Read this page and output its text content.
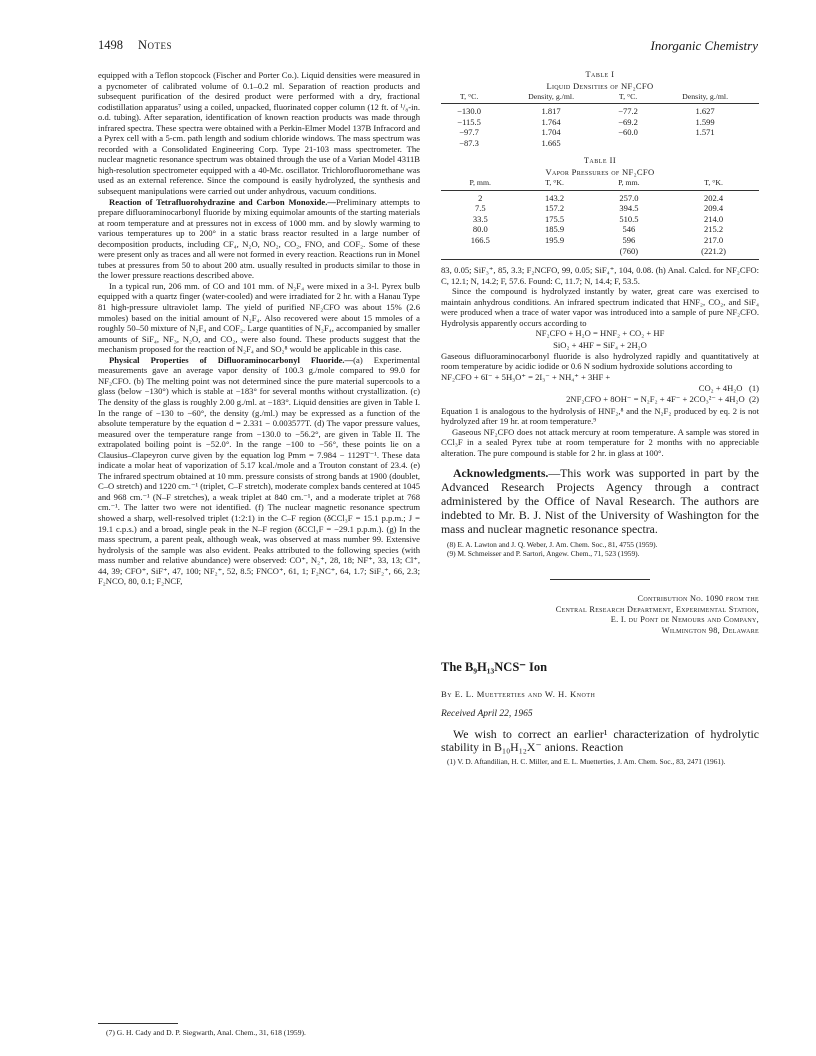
1498 Notes	Inorganic Chemistry

equipped with a Teflon stopcock (Fischer and Porter Co.). Liquid densities were measured in a pycnometer of calibrated volume of 0.1–0.2 ml. Separation of reaction products and subsequent purification of the desired product were performed with a dry, fractional codistillation apparatus⁷ using a coiled, unpacked, fluorinated copper column (12 ft. of ¹/₈-in. o.d. tubing). After separation, identification of known reaction products was made through infrared spectra. These spectra were obtained with a Perkin-Elmer Model 137B Infracord and a Pyrex cell with a 5-cm. path length and sodium chloride windows. The mass spectrum was recorded with a Consolidated Engineering Corp. Type 21-103 mass spectrometer. The nuclear magnetic resonance spectrum was obtained through the use of a Varian Model 4311B high-resolution spectrometer equipped with a 40-Mc. oscillator. Trichlorofluoromethane was used as an external reference. Since the compound is easily hydrolyzed, the synthesis and subsequent manipulations were carried out under anhydrous, vacuum conditions.

Reaction of Tetrafluorohydrazine and Carbon Monoxide.—Preliminary attempts to prepare difluoraminocarbonyl fluoride by mixing equimolar amounts of the starting materials at room temperature and at pressures not in excess of 1000 mm. and by slowly warming to various temperatures up to 200° in a static brass reactor resulted in a large number of decomposition products, including CF₄, N₂O, NO₂, CO₂, FNO, and COF₂. Some of these were present only as traces and all were not formed in every reaction. Reactions run in Monel tubes at pressures from 50 to about 200 atm. usually resulted in products similar to those in the lower pressure reactions described above.

In a typical run, 206 mm. of CO and 101 mm. of N₂F₄ were mixed in a 3-l. Pyrex bulb equipped with a quartz finger (water-cooled) and were irradiated for 2 hr. with a Hanau Type 81 high-pressure ultraviolet lamp. The yield of purified NF₂CFO was about 15% (2.6 mmoles) based on the initial amount of N₂F₄. Also recovered were about 15 mmoles of a roughly 50–50 mixture of N₂F₄ and COF₂. Large quantities of N₂F₄, accompanied by smaller amounts of SiF₄, NF₃, N₂O, and CO₂, were also found. These products suggest that the mechanism proposed for the reaction of N₂F₄ and SO₂⁸ would be applicable in this case.

Physical Properties of Difluoraminocarbonyl Fluoride.—(a) Experimental measurements gave an average vapor density of 100.3 g./mole compared to 99.0 for NF₂CFO. (b) The melting point was not determined since the pure material supercools to a glass (below −130°) which is stable at −183° for several months without crystallization. (c) The density of the glass is roughly 2.00 g./ml. at −183°. Liquid densities are given in Table I. In the range of −130 to −60°, the density (g./ml.) may be expressed as a function of the absolute temperature by the equation d = 2.331 − 0.003577T. (d) The vapor pressure values, measured over the temperature range from −130.0 to −56.2°, are given in Table II. The extrapolated boiling point is −52.0°. In the range −100 to −56°, these points lie on a Clausius–Clapeyron curve given by the equation log Pmm = 7.984 − 1129T⁻¹. These data indicate a molar heat of vaporization of 5.17 kcal./mole and a Trouton constant of 23.4. (e) The infrared spectrum obtained at 10 mm. pressure consists of strong bands at 1900 (doublet, C–O stretch) and 1220 cm.⁻¹ (triplet, C–F stretch), moderate complex bands centered at 1045 and 968 cm.⁻¹ (N–F stretches), a weak triplet at 840 cm.⁻¹, and a moderate triplet at 768 cm.⁻¹. The latter two were not identified. (f) The nuclear magnetic resonance spectrum showed a sharp, well-resolved triplet (1:2:1) in the C–F region (δCCl₃F = 15.1 p.p.m.; J = 19.1 c.p.s.) and a broad, single peak in the N–F region (δCCl₃F = −29.1 p.p.m.). (g) In the mass spectrum, a parent peak, although weak, was observed at mass number 99. Extensive hydrolysis of the sample was also evident. Peaks attributed to the following species (with mass number and relative abundance) were observed: CO⁺, N₂⁺, 28, 18; NF⁺, 33, 13; Cl⁺, 44, 39; CFO⁺, SiF⁺, 47, 100; NF₂⁺, 52, 8.5; FNCO⁺, 61, 1; F₂NC⁺, 64, 1.7; SiF₂⁺, 66, 2.3; F₂NCO, 80, 0.1; F₂NCF,

(7) G. H. Cady and D. P. Siegwarth, Anal. Chem., 31, 618 (1959).
Table I
Liquid Densities of NF₂CFO
T, °C.	Density, g./ml.	T, °C.	Density, g./ml.
−130.0	1.817	−77.2	1.627
−115.5	1.764	−69.2	1.599
−97.7	1.704	−60.0	1.571
−87.3	1.665		
Table II
Vapor Pressures of NF₂CFO
P, mm.	T, °K.	P, mm.	T, °K.
2	143.2	257.0	202.4
7.5	157.2	394.5	209.4
33.5	175.5	510.5	214.0
80.0	185.9	546	215.2
166.5	195.9	596	217.0
		(760)	(221.2)

83, 0.05; SiF₃⁺, 85, 3.3; F₂NCFO, 99, 0.05; SiF₄⁺, 104, 0.08. (h) Anal. Calcd. for NF₂CFO: C, 12.1; N, 14.2; F, 57.6. Found: C, 11.7; N, 14.4; F, 53.5.

Since the compound is hydrolyzed instantly by water, great care was exercised to maintain anhydrous conditions. An infrared spectrum indicated that HNF₂, CO₂, and SiF₄ were produced when a trace of water vapor was introduced into a sample of pure NF₂CFO. Hydrolysis apparently occurs according to

NF₂CFO + H₂O = HNF₂ + CO₂ + HF
SiO₂ + 4HF = SiF₄ + 2H₂O

Gaseous difluoraminocarbonyl fluoride is also hydrolyzed rapidly and quantitatively at room temperature by acidic iodide or 0.6 N sodium hydroxide solutions according to

NF₂CFO + 6I⁻ + 5H₃O⁺ = 2I₃⁻ + NH₄⁺ + 3HF +
CO₂ + 4H₂O (1)
2NF₂CFO + 8OH⁻ = N₂F₂ + 4F⁻ + 2CO₃²⁻ + 4H₂O (2)

Equation 1 is analogous to the hydrolysis of HNF₂,⁸ and the N₂F₂ produced by eq. 2 is not hydrolyzed after 19 hr. at room temperature.⁹

Gaseous NF₂CFO does not attack mercury at room temperature. A sample was stored in CCl₃F in a sealed Pyrex tube at room temperature for 2 months with no appreciable alteration. The pure compound is stable for 2 hr. in glass at 100°.

Acknowledgments.—This work was supported in part by the Advanced Research Projects Agency through a contract administered by the Office of Naval Research. The authors are indebted to Mr. B. J. Nist of the University of Washington for the mass and nuclear magnetic resonance spectra.

(8) E. A. Lawton and J. Q. Weber, J. Am. Chem. Soc., 81, 4755 (1959).
(9) M. Schmeisser and P. Sartori, Angew. Chem., 71, 523 (1959).
Contribution No. 1090 from the
Central Research Department, Experimental Station,
E. I. du Pont de Nemours and Company,
Wilmington 98, Delaware
The B₉H₁₃NCS⁻ Ion
By E. L. Muetterties and W. H. Knoth
Received April 22, 1965

We wish to correct an earlier¹ characterization of hydrolytic stability in B₁₀H₁₂X⁻ anions. Reaction

(1) V. D. Aftandilian, H. C. Miller, and E. L. Muetterties, J. Am. Chem. Soc., 83, 2471 (1961).
